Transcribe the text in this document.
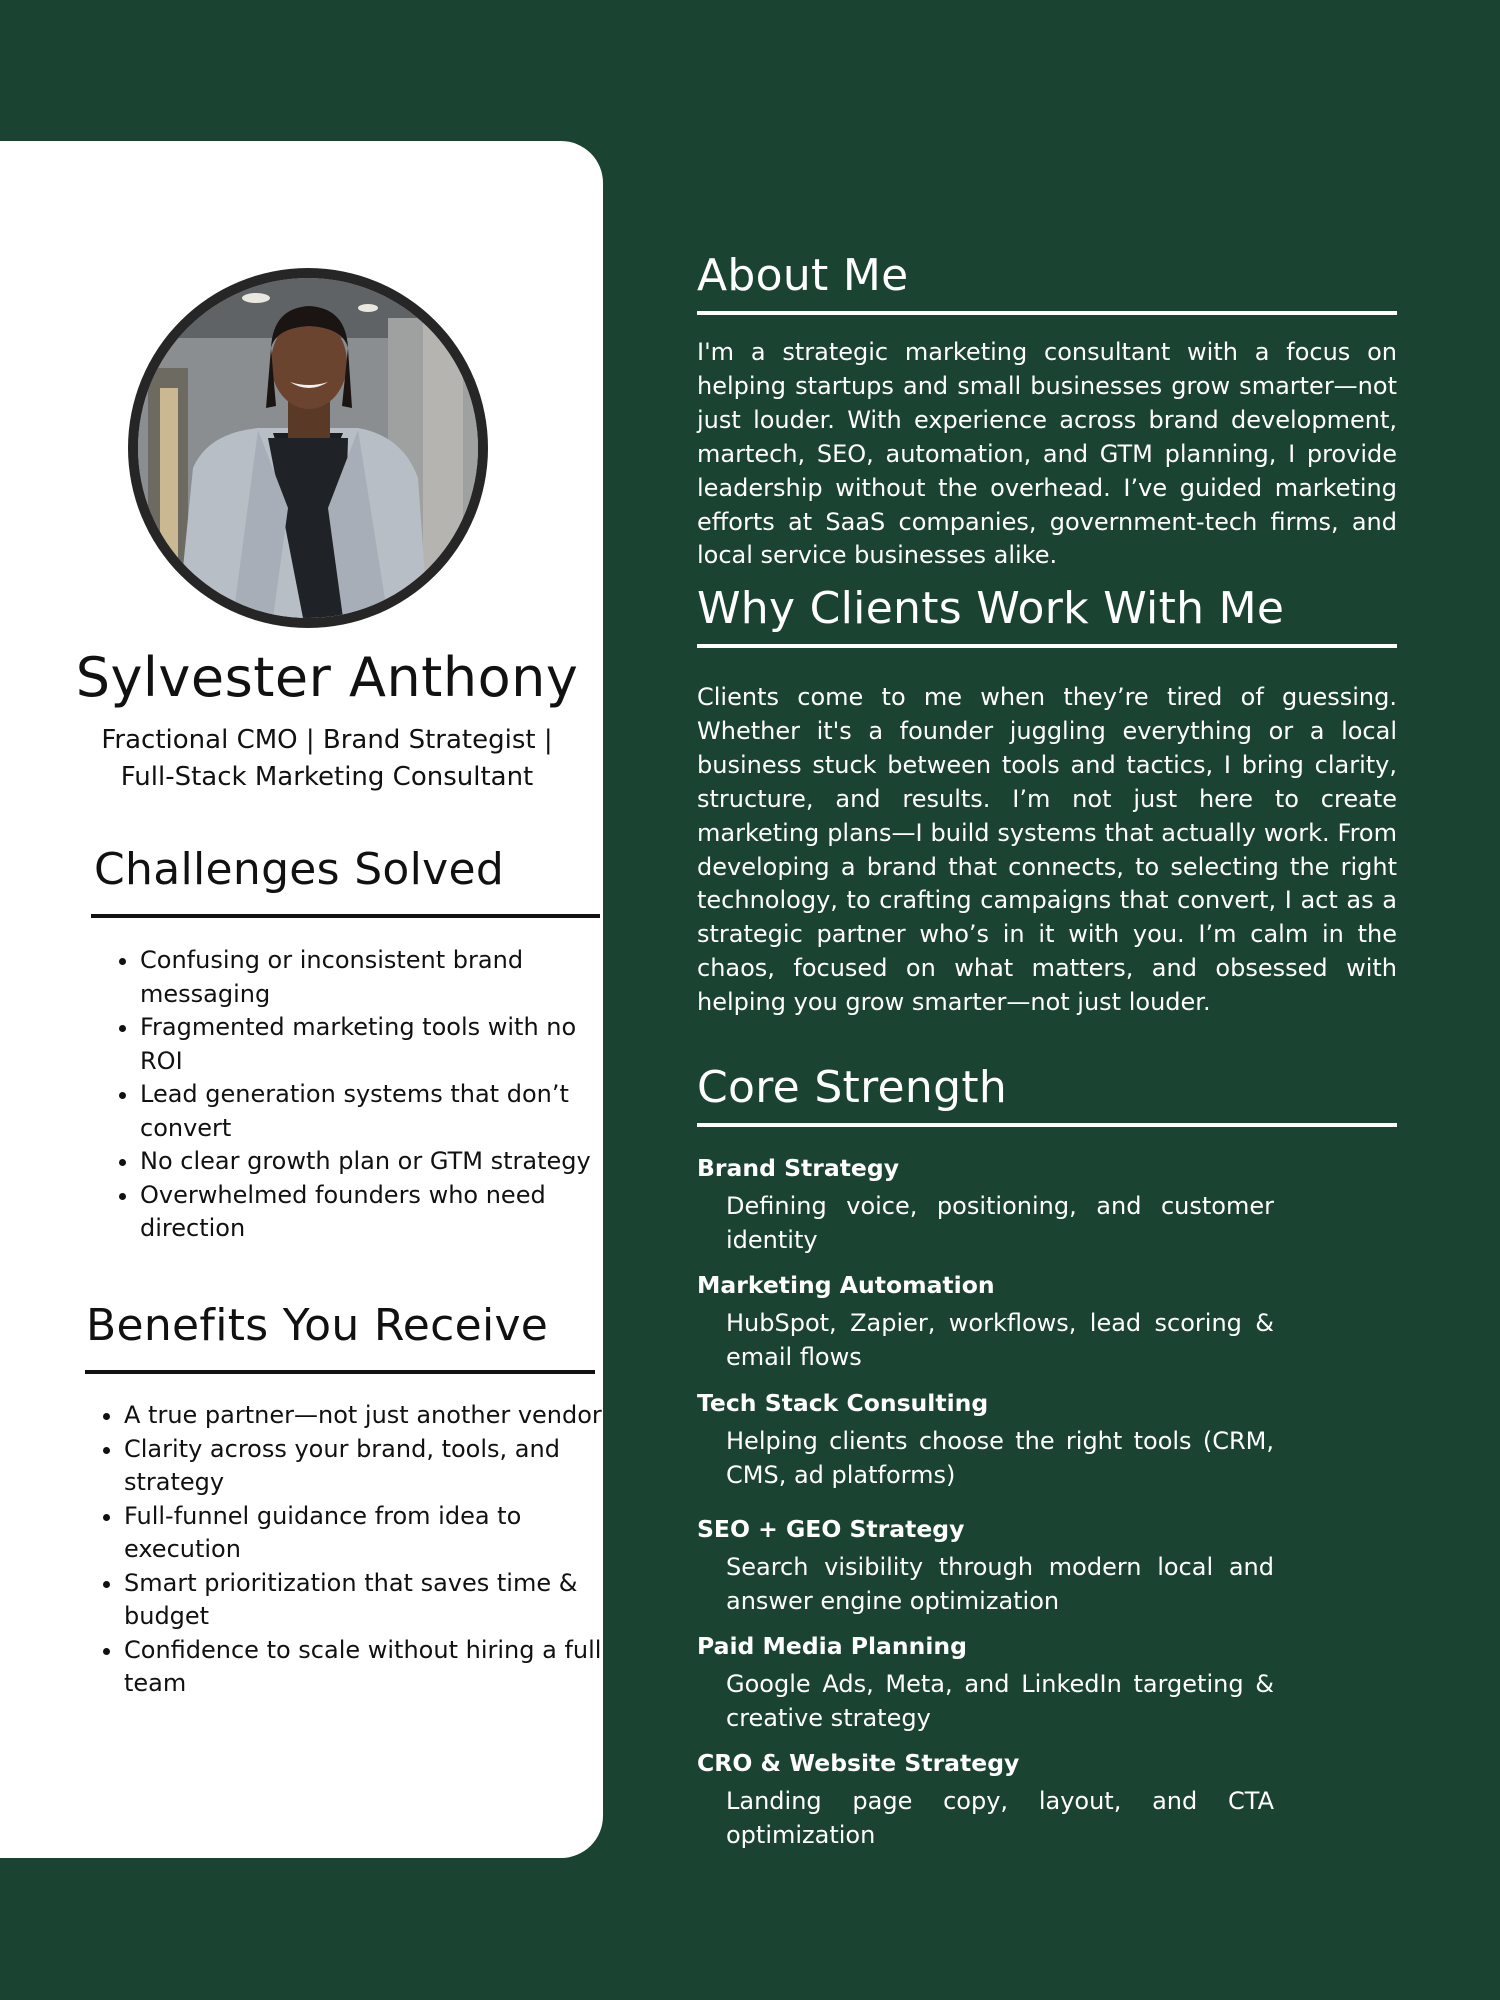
Sylvester Anthony
Fractional CMO | Brand Strategist |
Full-Stack Marketing Consultant
Challenges Solved
• Confusing or inconsistent brand messaging
• Fragmented marketing tools with no ROI
• Lead generation systems that don’t convert
• No clear growth plan or GTM strategy
• Overwhelmed founders who need direction
Benefits You Receive
• A true partner—not just another vendor
• Clarity across your brand, tools, and strategy
• Full-funnel guidance from idea to execution
• Smart prioritization that saves time & budget
• Confidence to scale without hiring a full team
About Me

I'm a strategic marketing consultant with a focus on helping startups and small businesses grow smarter—not just louder. With experience across brand development, martech, SEO, automation, and GTM planning, I provide leadership without the overhead. I’ve guided marketing efforts at SaaS companies, government-tech firms, and local service businesses alike.

Why Clients Work With Me

Clients come to me when they’re tired of guessing. Whether it's a founder juggling everything or a local business stuck between tools and tactics, I bring clarity, structure, and results. I’m not just here to create marketing plans—I build systems that actually work. From developing a brand that connects, to selecting the right technology, to crafting campaigns that convert, I act as a strategic partner who’s in it with you. I’m calm in the chaos, focused on what matters, and obsessed with helping you grow smarter—not just louder.

Core Strength
Brand Strategy

Defining voice, positioning, and customer identity

Marketing Automation

HubSpot, Zapier, workflows, lead scoring & email flows

Tech Stack Consulting

Helping clients choose the right tools (CRM, CMS, ad platforms)

SEO + GEO Strategy

Search visibility through modern local and answer engine optimization

Paid Media Planning

Google Ads, Meta, and LinkedIn targeting & creative strategy

CRO & Website Strategy

Landing page copy, layout, and CTA optimization
